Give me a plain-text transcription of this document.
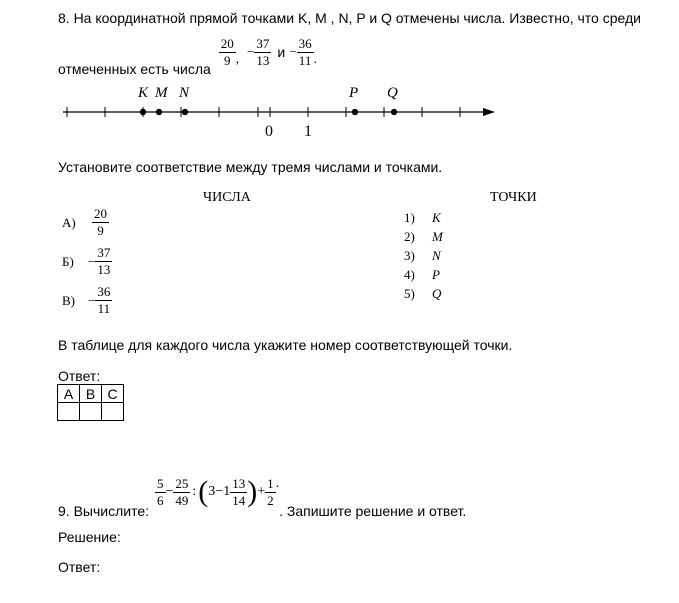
8. На координатной прямой точками K, M , N, P и Q отмечены числа. Известно, что среди
отмеченных есть числа
$\frac{20}{9}$ , − $\frac{37}{13}$ $и - \frac{36}{11}$ .
K M N	P Q
0 1
Установите соответствие между тремя числами и точками.
ЧИСЛА	ТОЧКИ
А)	$\frac{20}{9}$
Б)	− $\frac{37}{13}$
В)	− $\frac{36}{11}$
1) K
2) M
3) N
4) P
5) Q
В таблице для каждого числа укажите номер соответствующей точки.
Ответ:
А	В	С

9. Вычислите:
$\frac{5}{6} - \frac{25}{49}$ : ( $3 - 1 \frac{13}{14}$ ) + $\frac{1}{2}$ .
. Запишите решение и ответ.
Решение:
Ответ:
